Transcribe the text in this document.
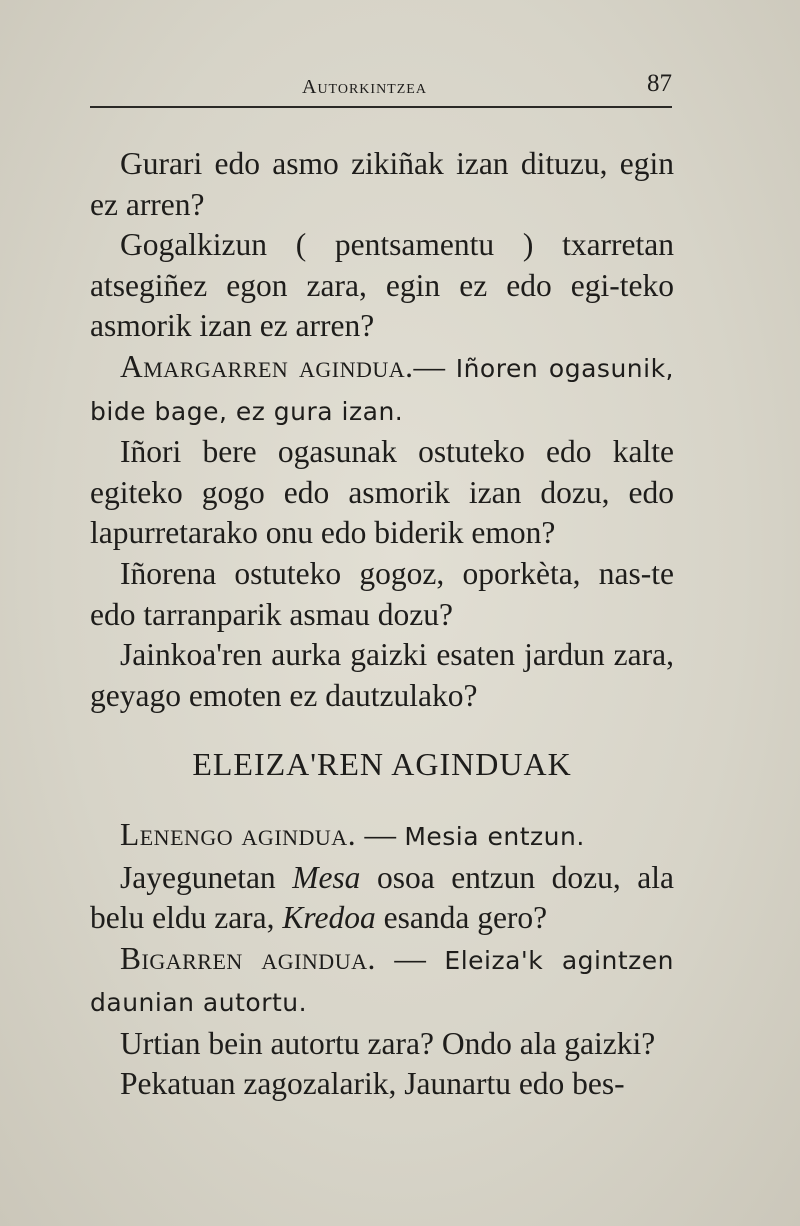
Autorkintzea	87

Gurari edo asmo zikiñak izan dituzu, egin ez arren?

Gogalkizun ( pentsamentu ) txarretan atsegiñez egon zara, egin ez edo egi-teko asmorik izan ez arren?

Amargarren agindua.— Iñoren ogasunik, bide bage, ez gura izan.

Iñori bere ogasunak ostuteko edo kalte egiteko gogo edo asmorik izan dozu, edo lapurretarako onu edo biderik emon?

Iñorena ostuteko gogoz, oporkèta, nas-te edo tarranparik asmau dozu?

Jainkoa'ren aurka gaizki esaten jardun zara, geyago emoten ez dautzulako?

ELEIZA'REN AGINDUAK

Lenengo agindua. — Mesia entzun.

Jayegunetan Mesa osoa entzun dozu, ala belu eldu zara, Kredoa esanda gero?

Bigarren agindua. — Eleiza'k agintzen daunian autortu.

Urtian bein autortu zara? Ondo ala gaizki?

Pekatuan zagozalarik, Jaunartu edo bes-
